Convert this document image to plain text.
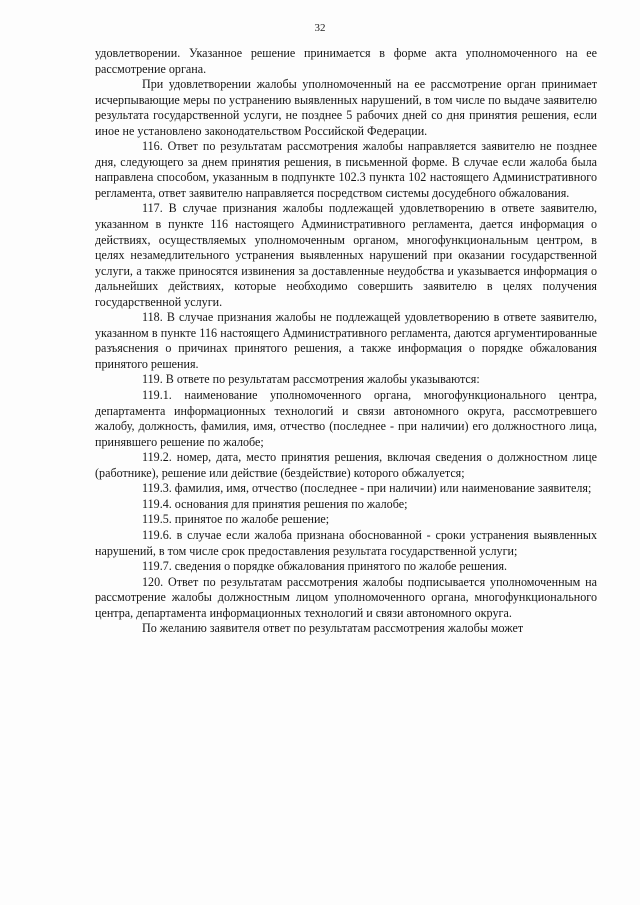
32

удовлетворении. Указанное решение принимается в форме акта уполномоченного на ее рассмотрение органа.

При удовлетворении жалобы уполномоченный на ее рассмотрение орган принимает исчерпывающие меры по устранению выявленных нарушений, в том числе по выдаче заявителю результата государственной услуги, не позднее 5 рабочих дней со дня принятия решения, если иное не установлено законодательством Российской Федерации.

116. Ответ по результатам рассмотрения жалобы направляется заявителю не позднее дня, следующего за днем принятия решения, в письменной форме. В случае если жалоба была направлена способом, указанным в подпункте 102.3 пункта 102 настоящего Административного регламента, ответ заявителю направляется посредством системы досудебного обжалования.

117. В случае признания жалобы подлежащей удовлетворению в ответе заявителю, указанном в пункте 116 настоящего Административного регламента, дается информация о действиях, осуществляемых уполномоченным органом, многофункциональным центром, в целях незамедлительного устранения выявленных нарушений при оказании государственной услуги, а также приносятся извинения за доставленные неудобства и указывается информация о дальнейших действиях, которые необходимо совершить заявителю в целях получения государственной услуги.

118. В случае признания жалобы не подлежащей удовлетворению в ответе заявителю, указанном в пункте 116 настоящего Административного регламента, даются аргументированные разъяснения о причинах принятого решения, а также информация о порядке обжалования принятого решения.

119. В ответе по результатам рассмотрения жалобы указываются:

119.1. наименование уполномоченного органа, многофункционального центра, департамента информационных технологий и связи автономного округа, рассмотревшего жалобу, должность, фамилия, имя, отчество (последнее - при наличии) его должностного лица, принявшего решение по жалобе;

119.2. номер, дата, место принятия решения, включая сведения о должностном лице (работнике), решение или действие (бездействие) которого обжалуется;

119.3. фамилия, имя, отчество (последнее - при наличии) или наименование заявителя;

119.4. основания для принятия решения по жалобе;

119.5. принятое по жалобе решение;

119.6. в случае если жалоба признана обоснованной - сроки устранения выявленных нарушений, в том числе срок предоставления результата государственной услуги;

119.7. сведения о порядке обжалования принятого по жалобе решения.

120. Ответ по результатам рассмотрения жалобы подписывается уполномоченным на рассмотрение жалобы должностным лицом уполномоченного органа, многофункционального центра, департамента информационных технологий и связи автономного округа.

По желанию заявителя ответ по результатам рассмотрения жалобы может
